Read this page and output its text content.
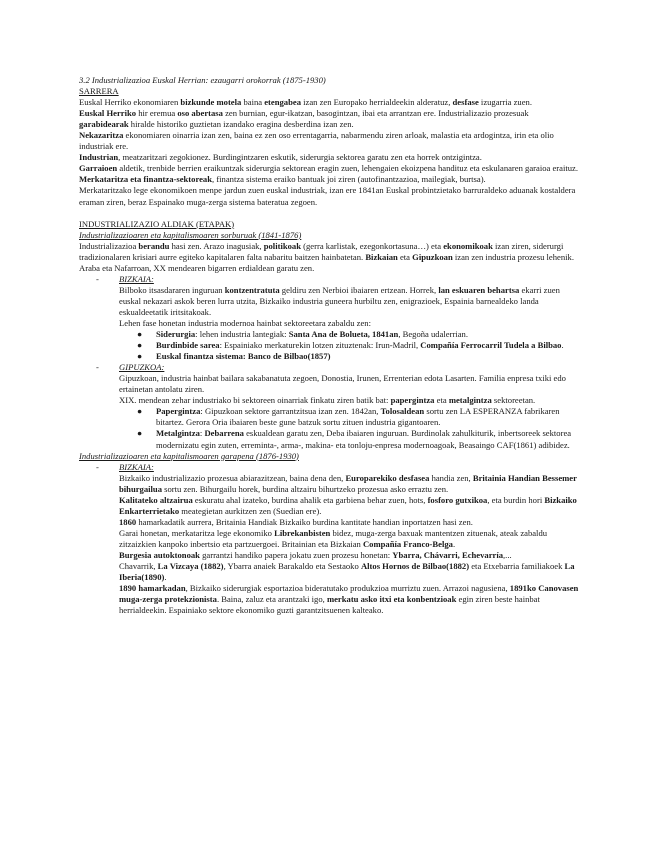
3.2 Industrializazioa Euskal Herrian: ezaugarri orokorrak (1875-1930)

SARRERA

Euskal Herriko ekonomiaren bizkunde motela baina etengabea izan zen Europako herrialdeekin alderatuz, desfase izugarria zuen.

Euskal Herriko hir eremua oso abertasa zen burnian, egur-ikatzan, basogintzan, ibai eta arrantzan ere. Industrializazio prozesuak garabidearak hiralde historiko guztietan izandako eragina desberdina izan zen.

Nekazaritza ekonomiaren oinarria izan zen, baina ez zen oso errentagarria, nabarmendu ziren arloak, malastia eta ardogintza, irin eta olio industriak ere.

Industrian, meatzaritzari zegokionez. Burdingintzaren eskutik, siderurgia sektorea garatu zen eta horrek ontzigintza.

Garraioen aldetik, trenbide berrien eraikuntzak siderurgia sektorean eragin zuen, lehengaien ekoizpena handituz eta eskulanaren garaioa eraituz.

Merkataritza eta finantza-sektoreak, finantza sistema eraiko bantuak joi ziren (autofinantzazioa, mailegiak, burtsa).

Merkataritzako lege ekonomikoen menpe jardun zuen euskal industriak, izan ere 1841an Euskal probintzietako barruraldeko aduanak kostaldera eraman ziren, beraz Espainako muga-zerga sistema bateratua zegoen.

INDUSTRIALIZAZIO ALDIAK (ETAPAK)

Industrializazioaren eta kapitalismoaren sorburuak (1841-1876)

Industrializazioa berandu hasi zen. Arazo inagusiak, politikoak (gerra karlistak, ezegonkortasuna…) eta ekonomikoak izan ziren, siderurgi tradizionalaren krisiari aurre egiteko kapitalaren falta nabaritu baitzen hainbatetan. Bizkaian eta Gipuzkoan izan zen industria prozesu lehenik. Araba eta Nafarroan, XX mendearen bigarren erdialdean garatu zen.

- BIZKAIA:

Bilboko itsasdararen inguruan kontzentratuta geldiru zen Nerbioi ibaiaren ertzean. Horrek, lan eskuaren behartsa ekarri zuen euskal nekazari askok beren lurra utzita, Bizkaiko industria guneera hurbiltu zen, enigrazioek, Espainia barnealdeko landa eskualdeetatik iritsitakoak.

Lehen fase honetan industria modernoa hainbat sektoreetara zabaldu zen:

● Siderurgia: lehen industria lantegiak: Santa Ana de Bolueta, 1841an, Begoña udalerrian.

● Burdinbide sarea: Espainiako merkaturekin lotzen zituztenak: Irun-Madril, Compañía Ferrocarril Tudela a Bilbao.

● Euskal finantza sistema: Banco de Bilbao(1857)

- GIPUZKOA:

Gipuzkoan, industria hainbat bailara sakabanatuta zegoen, Donostia, Irunen, Errenterian edota Lasarten. Familia enpresa txiki edo ertainetan antolatu ziren.

XIX. mendean zehar industriako bi sektoreen oinarriak finkatu ziren batik bat: papergintza eta metalgintza sektoreetan.

● Papergintza: Gipuzkoan sektore garrantzitsua izan zen. 1842an, Tolosaldean sortu zen LA ESPERANZA fabrikaren bitartez. Gerora Oria ibaiaren beste gune batzuk sortu zituen industria gigantoaren.

● Metalgintza: Debarrena eskualdean garatu zen, Deba ibaiaren inguruan. Burdinolak zahulkiturik, inbertsoreek sektorea modernizatu egin zuten, erreminta-, arma-, makina- eta tonloju-enpresa modernoagoak, Beasaingo CAF(1861) adibidez.

Industrializazioaren eta kapitalismoaren garapena (1876-1930)

- BIZKAIA:

Bizkaiko industrializazio prozesua abiarazitzean, baina dena den, Europarekiko desfasea handia zen, Britainia Handian Bessemer bihurgailua sortu zen. Bihurgailu horek, burdina altzairu bihurtzeko prozesua asko erraztu zen.

Kalitateko altzairua eskuratu ahal izateko, burdina ahalik eta garbiena behar zuen, hots, fosforo gutxikoa, eta burdin hori Bizkaiko Enkarterrietako meategietan aurkitzen zen (Suedian ere).

1860 hamarkadatik aurrera, Britainia Handiak Bizkaiko burdina kantitate handian inportatzen hasi zen.

Garai honetan, merkataritza lege ekonomiko Librekanbisten bidez, muga-zerga baxuak mantentzen zituenak, ateak zabaldu zitzaizkien kanpoko inbertsio eta partzuergoei. Britainian eta Bizkaian Compañía Franco-Belga.

Burgesia autoktonoak garrantzi handiko papera jokatu zuen prozesu honetan: Ybarra, Chávarri, Echevarría,...

Chavarrik, La Vizcaya (1882), Ybarra anaiek Barakaldo eta Sestaoko Altos Hornos de Bilbao(1882) eta Etxebarria familiakoek La Iberia(1890).

1890 hamarkadan, Bizkaiko siderurgiak esportazioa bideratutako produkzioa murriztu zuen. Arrazoi nagusiena, 1891ko Canovasen muga-zerga protekzionista. Baina, zaluz eta arantzaki igo, merkatu asko itxi eta konbentzioak egin ziren beste hainbat herrialdeekin. Espainiako sektore ekonomiko guzti garantzitsuenen kalteako.
